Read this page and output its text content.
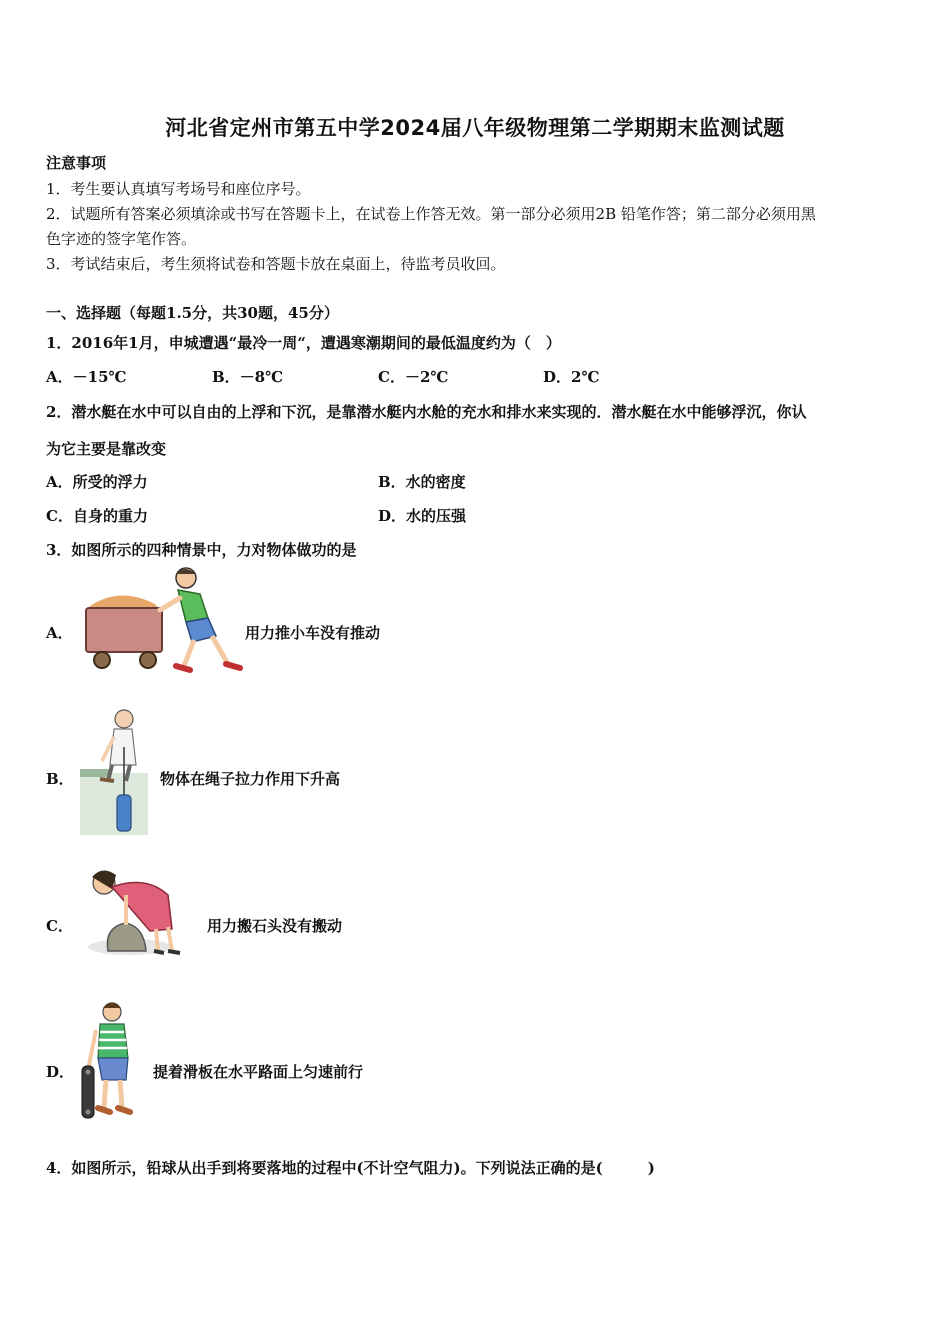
河北省定州市第五中学2024届八年级物理第二学期期末监测试题
注意事项
1．考生要认真填写考场号和座位序号。
2．试题所有答案必须填涂或书写在答题卡上，在试卷上作答无效。第一部分必须用2B 铅笔作答；第二部分必须用黑
色字迹的签字笔作答。
3．考试结束后，考生须将试卷和答题卡放在桌面上，待监考员收回。
一、选择题（每题1.5分，共30题，45分）
1．2016年1月，申城遭遇“最冷一周“，遭遇寒潮期间的最低温度约为（　）
A．－15℃	B．－8℃	C．－2℃	D．2℃
2．潜水艇在水中可以自由的上浮和下沉，是靠潜水艇内水舱的充水和排水来实现的．潜水艇在水中能够浮沉，你认
为它主要是靠改变
A．所受的浮力	B．水的密度
C．自身的重力	D．水的压强
3．如图所示的四种情景中，力对物体做功的是
A．	用力推小车没有推动
B．	物体在绳子拉力作用下升高
C．	用力搬石头没有搬动
D．	提着滑板在水平路面上匀速前行
4．如图所示，铅球从出手到将要落地的过程中(不计空气阻力)。下列说法正确的是(　　　)
